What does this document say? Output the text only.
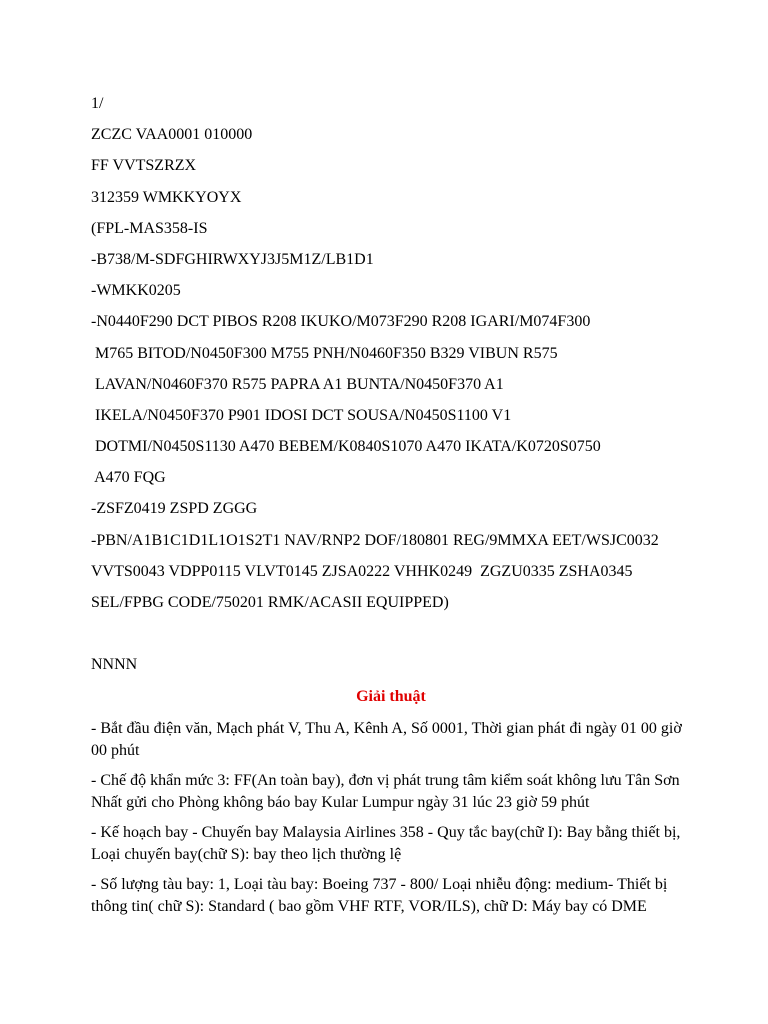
1/
ZCZC VAA0001 010000
FF VVTSZRZX
312359 WMKKYOYX
(FPL-MAS358-IS
-B738/M-SDFGHIRWXYJ3J5M1Z/LB1D1
-WMKK0205
-N0440F290 DCT PIBOS R208 IKUKO/M073F290 R208 IGARI/M074F300
M765 BITOD/N0450F300 M755 PNH/N0460F350 B329 VIBUN R575
LAVAN/N0460F370 R575 PAPRA A1 BUNTA/N0450F370 A1
IKELA/N0450F370 P901 IDOSI DCT SOUSA/N0450S1100 V1
DOTMI/N0450S1130 A470 BEBEM/K0840S1070 A470 IKATA/K0720S0750
A470 FQG
-ZSFZ0419 ZSPD ZGGG
-PBN/A1B1C1D1L1O1S2T1 NAV/RNP2 DOF/180801 REG/9MMXA EET/WSJC0032
VVTS0043 VDPP0115 VLVT0145 ZJSA0222 VHHK0249  ZGZU0335 ZSHA0345
SEL/FPBG CODE/750201 RMK/ACASII EQUIPPED)
NNNN
Giải thuật
- Bắt đầu điện văn, Mạch phát V, Thu A, Kênh A, Số 0001, Thời gian phát đi ngày 01 00 giờ 00 phút
- Chế độ khẩn mức 3: FF(An toàn bay), đơn vị phát trung tâm kiểm soát không lưu Tân Sơn Nhất gửi cho Phòng không báo bay Kular Lumpur ngày 31 lúc 23 giờ 59 phút
- Kế hoạch bay - Chuyến bay Malaysia Airlines 358 - Quy tắc bay(chữ I): Bay bằng thiết bị, Loại chuyến bay(chữ S): bay theo lịch thường lệ
- Số lượng tàu bay: 1, Loại tàu bay: Boeing 737 - 800/ Loại nhiễu động: medium- Thiết bị thông tin( chữ S): Standard ( bao gồm VHF RTF, VOR/ILS), chữ D: Máy bay có DME
